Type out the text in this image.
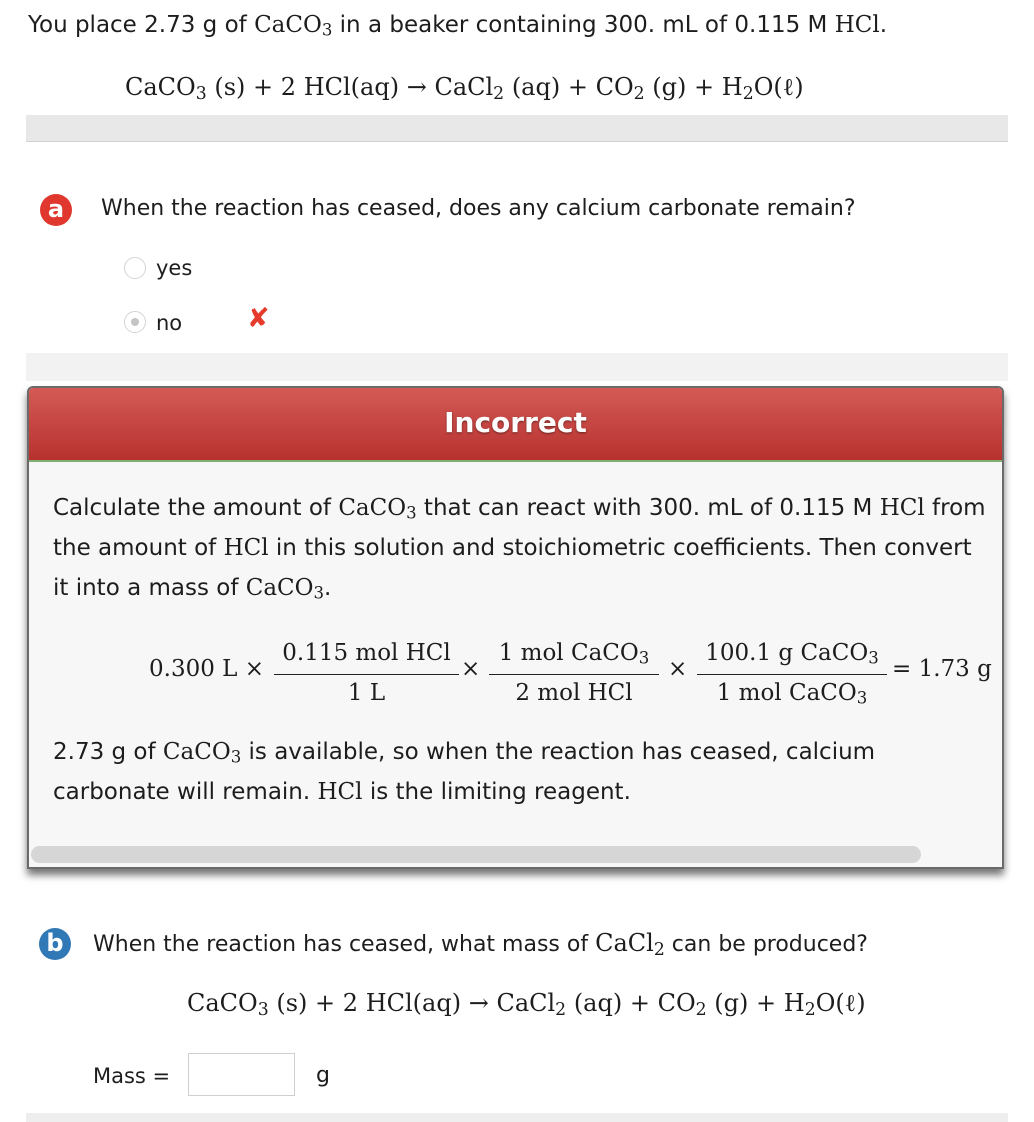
You place 2.73 g of CaCO$_3$ in a beaker containing 300. mL of 0.115 M HCl.
CaCO$_3$ (s) + 2 HCl(aq) → CaCl$_2$ $(aq) + CO_2$ $(g) + H_2O(\ell)$
a	When the reaction has ceased, does any calcium carbonate remain?
yes
no ✘
Incorrect
Calculate the amount of CaCO$_3$ that can react with 300. mL of 0.115 M HCl from the amount of HCl in this solution and stoichiometric coefficients. Then convert it into a mass of CaCO$_3$.
0.300 L ×
0.115 mol HCl
1 L
×
1 mol CaCO$_3$
2 mol HCl
×
100.1 g CaCO$_3$
1 mol CaCO$_3$
= 1.73 g
2.73 g of CaCO$_3$ is available, so when the reaction has ceased, calcium carbonate will remain. HCl is the limiting reagent.
b	When the reaction has ceased, what mass of CaCl$_2$ can be produced?
CaCO$_3$ (s) + 2 HCl(aq) → CaCl$_2$ $(aq) + CO_2$ $(g) + H_2O(\ell)$
Mass =	g
